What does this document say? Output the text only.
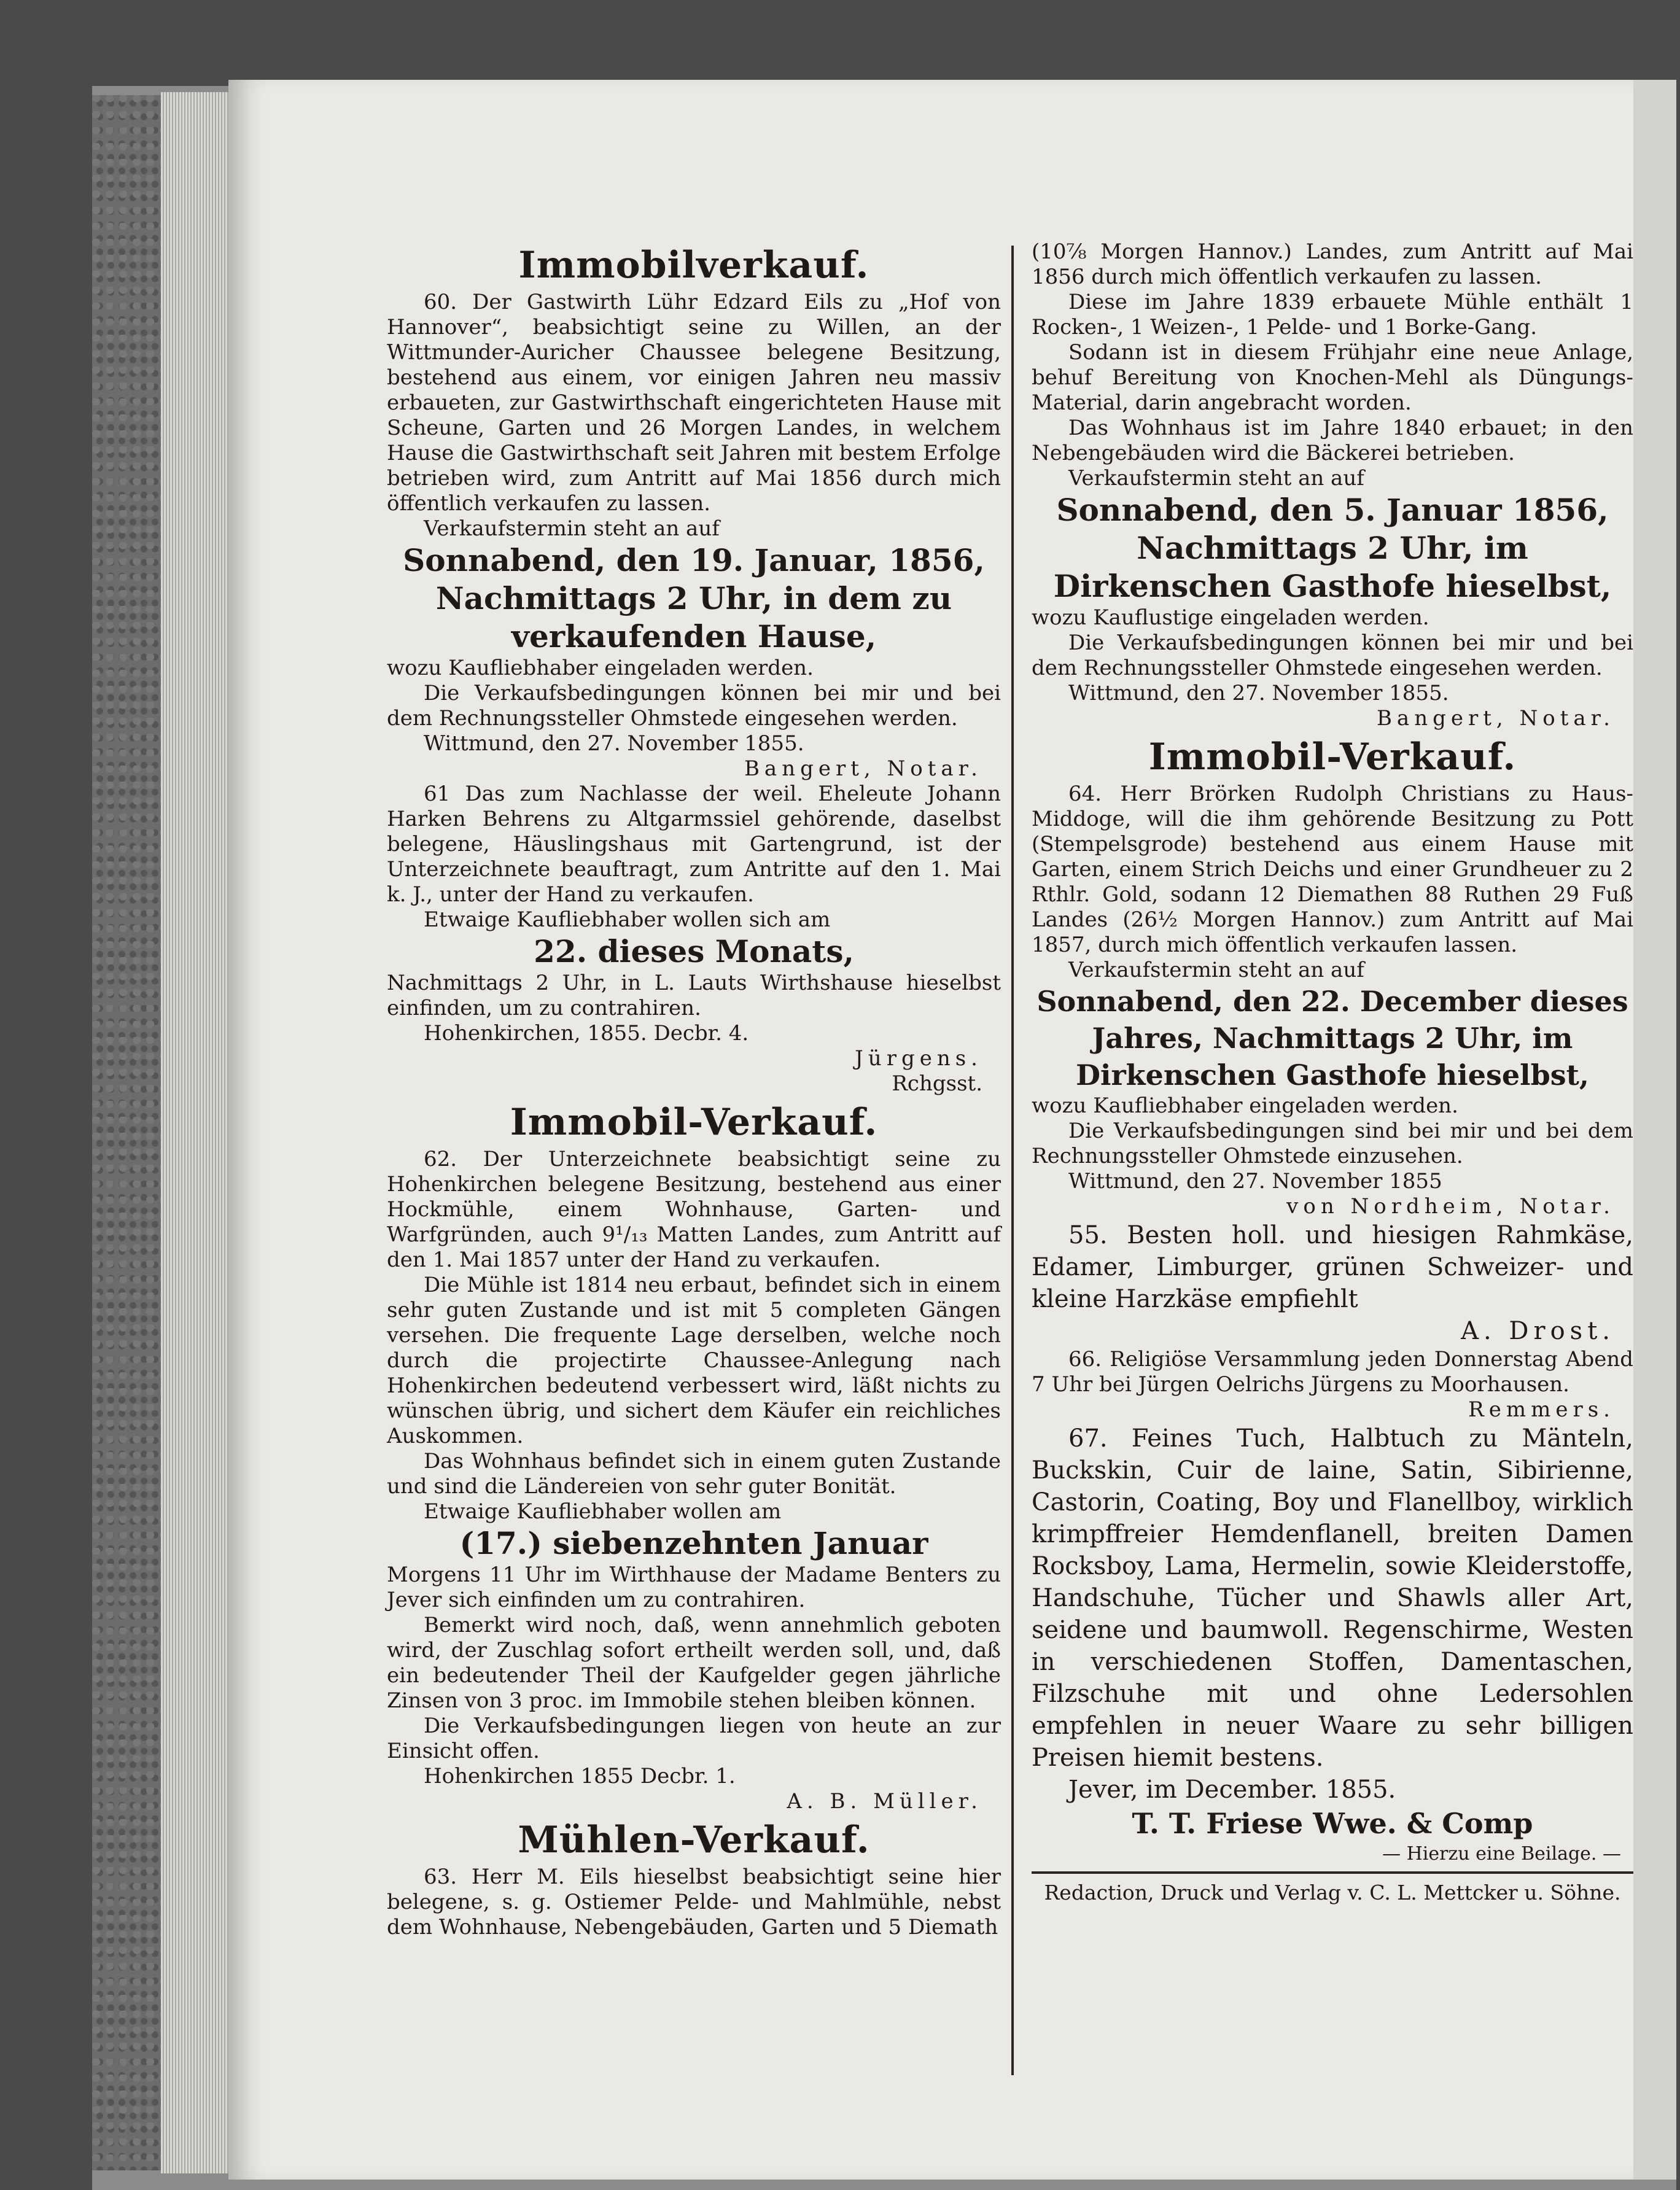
Immobilverkauf.

60. Der Gastwirth Lühr Edzard Eils zu „Hof von Hannover“, beabsichtigt seine zu Willen, an der Wittmunder-Auricher Chaussee belegene Besitzung, bestehend aus einem, vor einigen Jahren neu massiv erbaueten, zur Gastwirthschaft eingerichteten Hause mit Scheune, Garten und 26 Morgen Landes, in welchem Hause die Gastwirthschaft seit Jahren mit bestem Erfolge betrieben wird, zum Antritt auf Mai 1856 durch mich öffentlich verkaufen zu lassen.

Verkaufstermin steht an auf

Sonnabend, den 19. Januar, 1856, Nachmittags 2 Uhr, in dem zu verkaufenden Hause,

wozu Kaufliebhaber eingeladen werden.

Die Verkaufsbedingungen können bei mir und bei dem Rechnungssteller Ohmstede eingesehen werden.

Wittmund, den 27. November 1855.

Bangert, Notar.

61 Das zum Nachlasse der weil. Eheleute Johann Harken Behrens zu Altgarmssiel gehörende, daselbst belegene, Häuslingshaus mit Gartengrund, ist der Unterzeichnete beauftragt, zum Antritte auf den 1. Mai k. J., unter der Hand zu verkaufen.

Etwaige Kaufliebhaber wollen sich am

22. dieses Monats,

Nachmittags 2 Uhr, in L. Lauts Wirthshause hieselbst einfinden, um zu contrahiren.

Hohenkirchen, 1855. Decbr. 4.

Jürgens.

Rchgsst.

Immobil-Verkauf.

62. Der Unterzeichnete beabsichtigt seine zu Hohenkirchen belegene Besitzung, bestehend aus einer Hockmühle, einem Wohnhause, Garten- und Warfgründen, auch 9¹/₁₃ Matten Landes, zum Antritt auf den 1. Mai 1857 unter der Hand zu verkaufen.

Die Mühle ist 1814 neu erbaut, befindet sich in einem sehr guten Zustande und ist mit 5 completen Gängen versehen. Die frequente Lage derselben, welche noch durch die projectirte Chaussee-Anlegung nach Hohenkirchen bedeutend verbessert wird, läßt nichts zu wünschen übrig, und sichert dem Käufer ein reichliches Auskommen.

Das Wohnhaus befindet sich in einem guten Zustande und sind die Ländereien von sehr guter Bonität.

Etwaige Kaufliebhaber wollen am

(17.) siebenzehnten Januar

Morgens 11 Uhr im Wirthhause der Madame Benters zu Jever sich einfinden um zu contrahiren.

Bemerkt wird noch, daß, wenn annehmlich geboten wird, der Zuschlag sofort ertheilt werden soll, und, daß ein bedeutender Theil der Kaufgelder gegen jährliche Zinsen von 3 proc. im Immobile stehen bleiben können.

Die Verkaufsbedingungen liegen von heute an zur Einsicht offen.

Hohenkirchen 1855 Decbr. 1.

A. B. Müller.

Mühlen-Verkauf.

63. Herr M. Eils hieselbst beabsichtigt seine hier belegene, s. g. Ostiemer Pelde- und Mahlmühle, nebst dem Wohnhause, Nebengebäuden, Garten und 5 Diemath

(10⅞ Morgen Hannov.) Landes, zum Antritt auf Mai 1856 durch mich öffentlich verkaufen zu lassen.

Diese im Jahre 1839 erbauete Mühle enthält 1 Rocken-, 1 Weizen-, 1 Pelde- und 1 Borke-Gang.

Sodann ist in diesem Frühjahr eine neue Anlage, behuf Bereitung von Knochen-Mehl als Düngungs-Material, darin angebracht worden.

Das Wohnhaus ist im Jahre 1840 erbauet; in den Nebengebäuden wird die Bäckerei betrieben.

Verkaufstermin steht an auf

Sonnabend, den 5. Januar 1856, Nachmittags 2 Uhr, im Dirkenschen Gasthofe hieselbst,

wozu Kauflustige eingeladen werden.

Die Verkaufsbedingungen können bei mir und bei dem Rechnungssteller Ohmstede eingesehen werden.

Wittmund, den 27. November 1855.

Bangert, Notar.

Immobil-Verkauf.

64. Herr Brörken Rudolph Christians zu Haus-Middoge, will die ihm gehörende Besitzung zu Pott (Stempelsgrode) bestehend aus einem Hause mit Garten, einem Strich Deichs und einer Grundheuer zu 2 Rthlr. Gold, sodann 12 Diemathen 88 Ruthen 29 Fuß Landes (26½ Morgen Hannov.) zum Antritt auf Mai 1857, durch mich öffentlich verkaufen lassen.

Verkaufstermin steht an auf

Sonnabend, den 22. December dieses Jahres, Nachmittags 2 Uhr, im Dirkenschen Gasthofe hieselbst,

wozu Kaufliebhaber eingeladen werden.

Die Verkaufsbedingungen sind bei mir und bei dem Rechnungssteller Ohmstede einzusehen.

Wittmund, den 27. November 1855

von Nordheim, Notar.

55. Besten holl. und hiesigen Rahmkäse, Edamer, Limburger, grünen Schweizer- und kleine Harzkäse empfiehlt

A. Drost.

66. Religiöse Versammlung jeden Donnerstag Abend 7 Uhr bei Jürgen Oelrichs Jürgens zu Moorhausen.

Remmers.

67. Feines Tuch, Halbtuch zu Mänteln, Buckskin, Cuir de laine, Satin, Sibirienne, Castorin, Coating, Boy und Flanellboy, wirklich krimpffreier Hemdenflanell, breiten Damen Rocksboy, Lama, Hermelin, sowie Kleiderstoffe, Handschuhe, Tücher und Shawls aller Art, seidene und baumwoll. Regenschirme, Westen in verschiedenen Stoffen, Damentaschen, Filzschuhe mit und ohne Ledersohlen empfehlen in neuer Waare zu sehr billigen Preisen hiemit bestens.

Jever, im December. 1855.

T. T. Friese Wwe. & Comp

— Hierzu eine Beilage. —

Redaction, Druck und Verlag v. C. L. Mettcker u. Söhne.
